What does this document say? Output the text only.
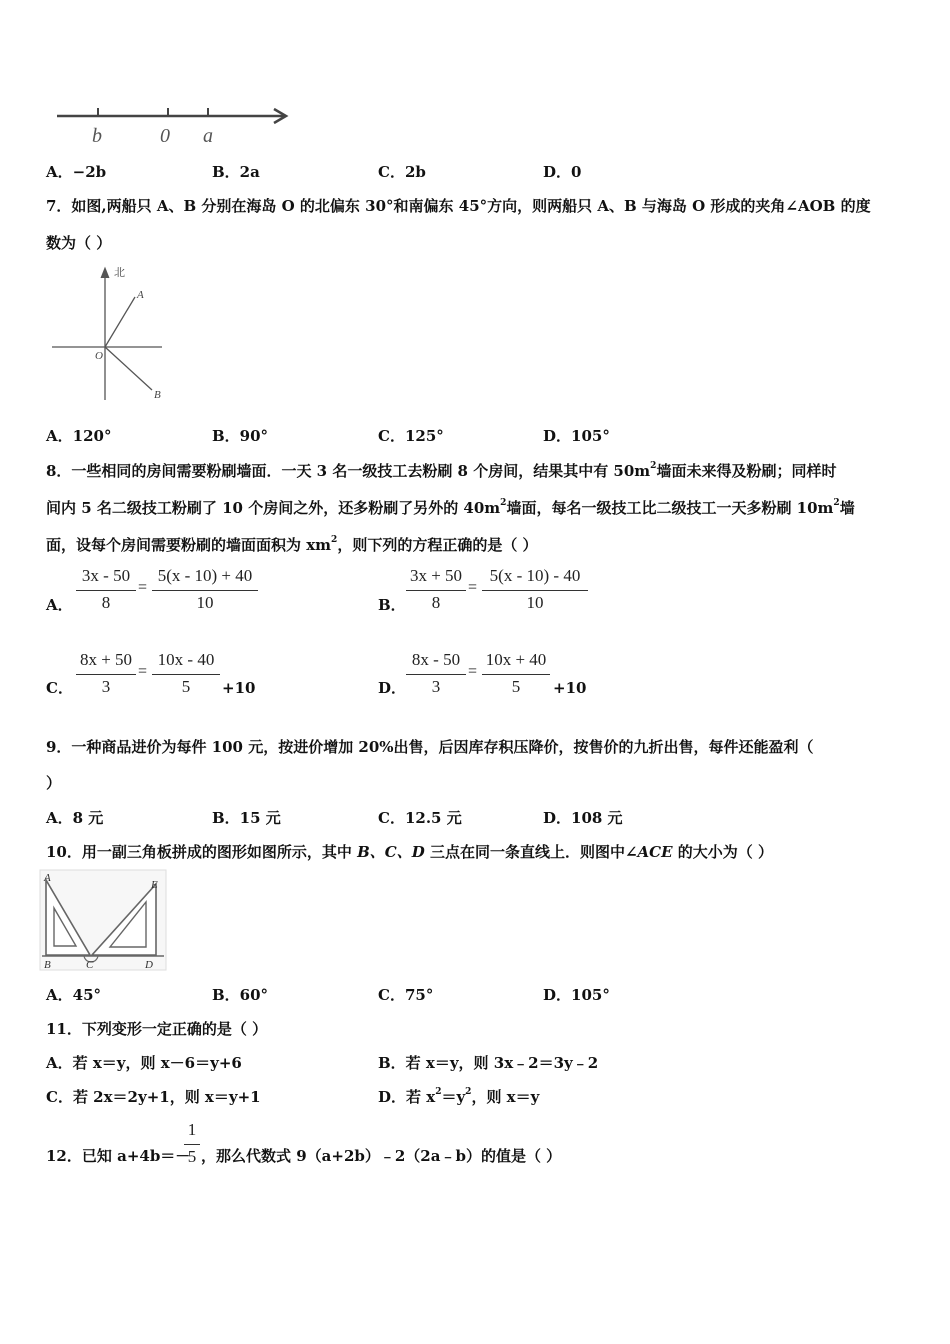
b	0 a
A．−2b	B．2a	C．2b	D．0
7．如图,两船只 A、B 分别在海岛 O 的北偏东 30°和南偏东 45°方向，则两船只 A、B 与海岛 O 形成的夹角∠AOB 的度
数为（ ）
北
A
O
B
A．120°	B．90°	C．125°	D．105°
8．一些相同的房间需要粉刷墙面．一天 3 名一级技工去粉刷 8 个房间，结果其中有 $50m^2$墙面未来得及粉刷；同样时
间内 5 名二级技工粉刷了 10 个房间之外，还多粉刷了另外的 $40m^2$墙面，每名一级技工比二级技工一天多粉刷 $10m^2$墙
面，设每个房间需要粉刷的墙面面积为 $xm^2$，则下列的方程正确的是（ ）
A．
3x - 50
8
=
5(x - 10) + 40
10	B．
3x + 50
8
=
5(x - 10) - 40
10
C．
8x + 50
3
=
10x - 40
5	+10	D．
8x - 50
3
=
10x + 40
5	+10
9．一种商品进价为每件 100 元，按进价增加 20%出售，后因库存积压降价，按售价的九折出售，每件还能盈利（
）
A．8 元	B．15 元	C．12.5 元	D．108 元
10．用一副三角板拼成的图形如图所示，其中 B、C、D 三点在同一条直线上．则图中∠ACE 的大小为（ ）
A
E
B	C	D
A．45°	B．60°	C．75°	D．105°
11．下列变形一定正确的是（ ）
A．若 x＝y，则 x－6＝y+6	B．若 x＝y，则 3x﹣2＝3y﹣2
C．若 2x＝2y+1，则 x＝y+1	D．若 $x^2=y^2$，则 x＝y
12．已知 a+4b＝－
1
5 ，那么代数式 9（a+2b）﹣2（2a﹣b）的值是（ ）
